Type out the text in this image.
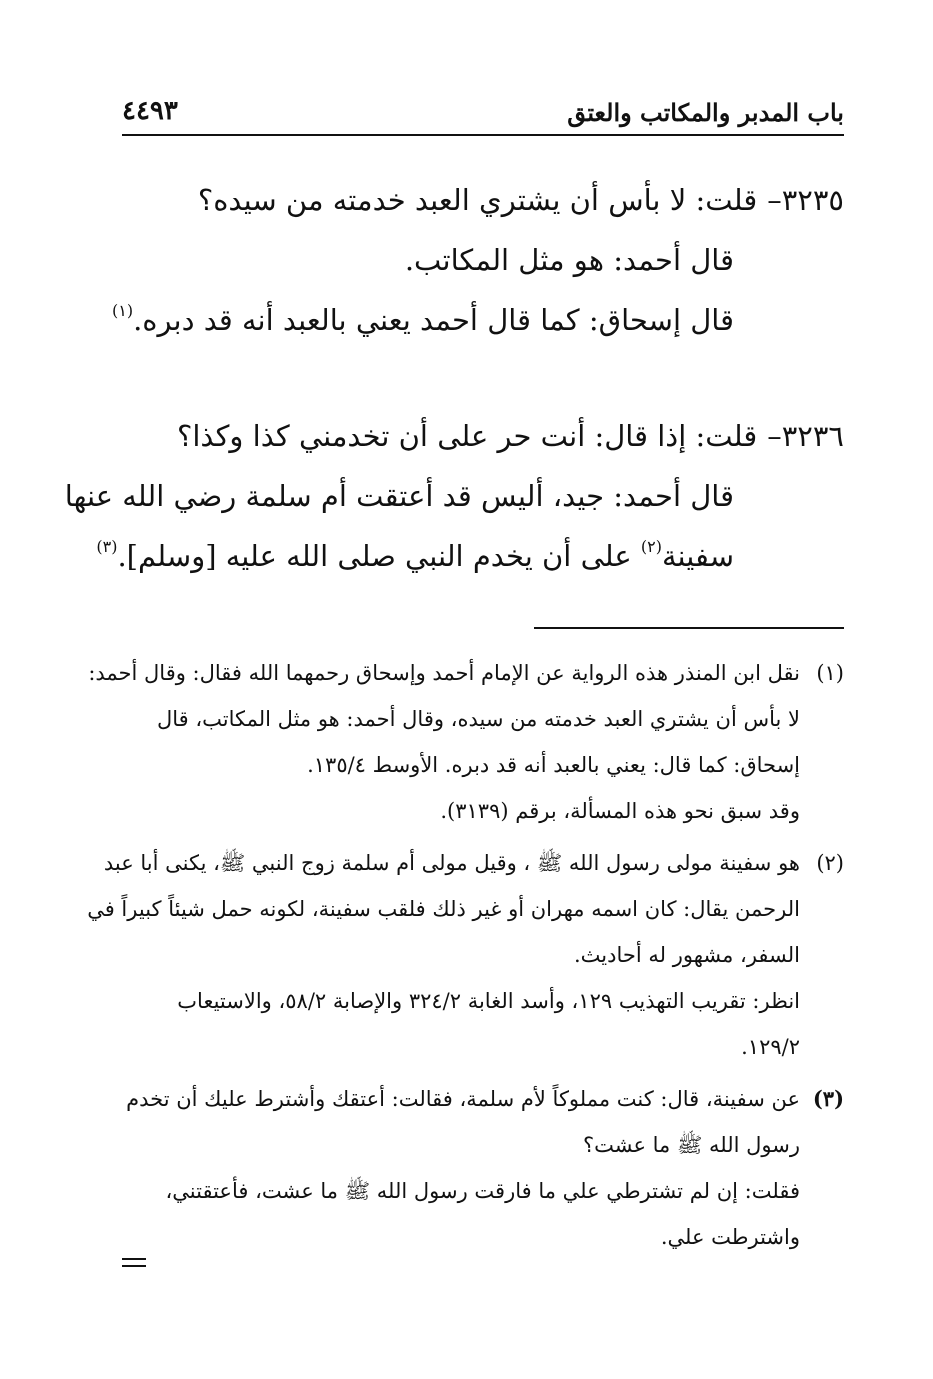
باب المدبر والمكاتب والعتق
٤٤٩٣
٣٢٣٥–قلت: لا بأس أن يشتري العبد خدمته من سيده؟
قال أحمد: هو مثل المكاتب.
قال إسحاق: كما قال أحمد يعني بالعبد أنه قد دبره.$^{(١)}$
٣٢٣٦–قلت: إذا قال: أنت حر على أن تخدمني كذا وكذا؟
قال أحمد: جيد، أليس قد أعتقت أم سلمة رضي الله عنها
سفينة$^{(٢)}$ على أن يخدم النبي صلى الله عليه [وسلم].$^{(٣)}$
(١)
نقل ابن المنذر هذه الرواية عن الإمام أحمد وإسحاق رحمهما الله فقال: وقال أحمد:
لا بأس أن يشتري العبد خدمته من سيده، وقال أحمد: هو مثل المكاتب، قال
إسحاق: كما قال: يعني بالعبد أنه قد دبره. الأوسط ١٣٥/٤.
وقد سبق نحو هذه المسألة، برقم (٣١٣٩).
(٢)
هو سفينة مولى رسول الله ﷺ ، وقيل مولى أم سلمة زوج النبي ﷺ، يكنى أبا عبد
الرحمن يقال: كان اسمه مهران أو غير ذلك فلقب سفينة، لكونه حمل شيئاً كبيراً في
السفر، مشهور له أحاديث.
انظر: تقريب التهذيب ١٢٩، وأسد الغابة ٣٢٤/٢ والإصابة ٥٨/٢، والاستيعاب
١٢٩/٢.
(٣)
عن سفينة، قال: كنت مملوكاً لأم سلمة، فقالت: أعتقك وأشترط عليك أن تخدم
رسول الله ﷺ ما عشت؟
فقلت: إن لم تشترطي علي ما فارقت رسول الله ﷺ ما عشت، فأعتقتني،
واشترطت علي.
